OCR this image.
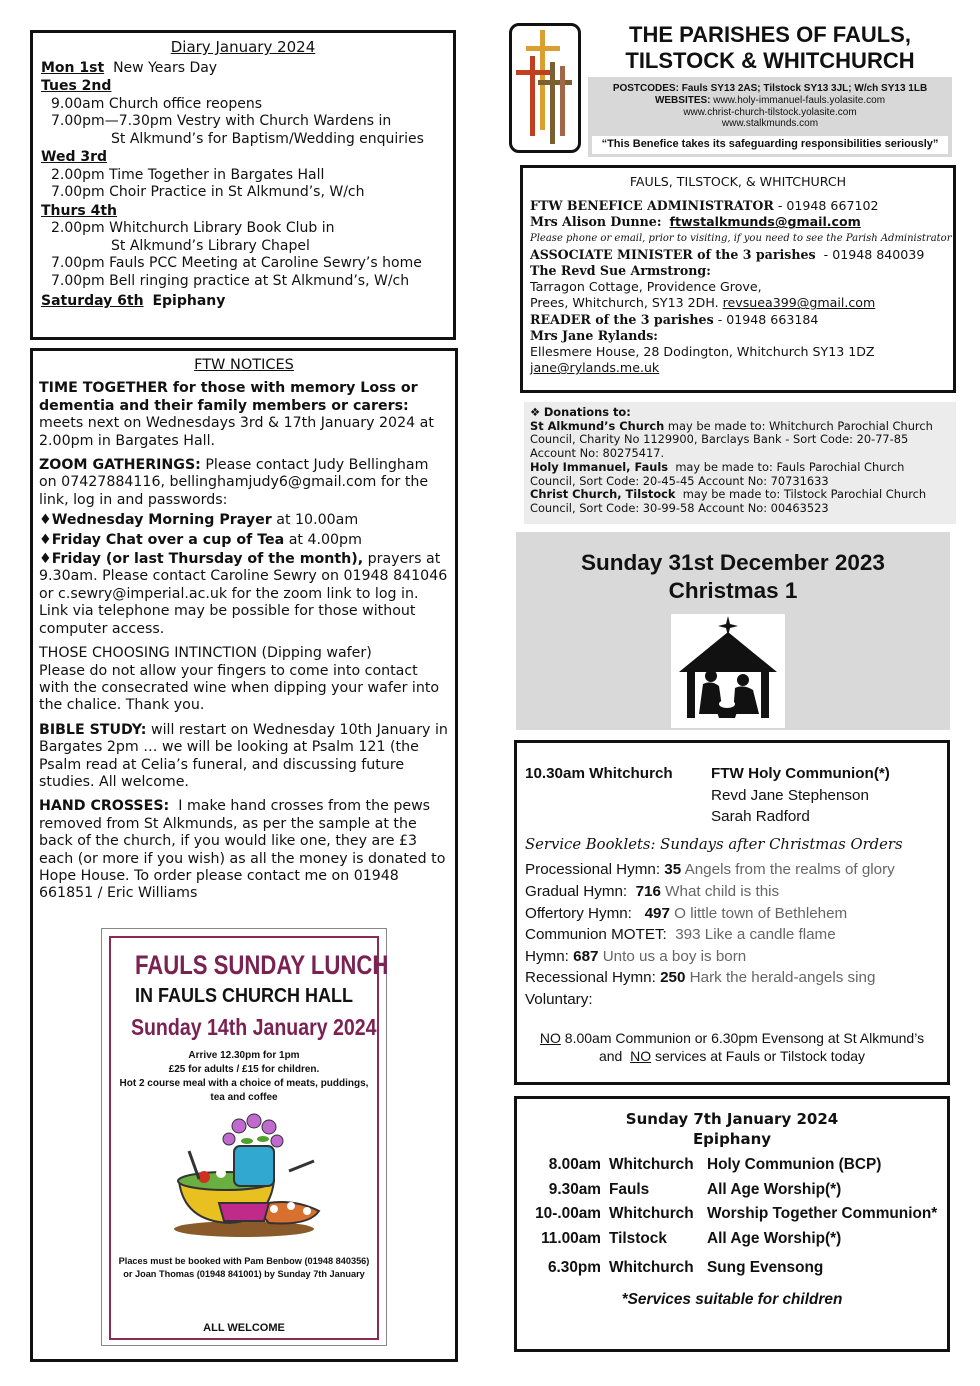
Diary January 2024
Mon 1st New Years Day
Tues 2nd
9.00am Church office reopens
7.00pm—7.30pm Vestry with Church Wardens in
St Alkmund’s for Baptism/Wedding enquiries
Wed 3rd
2.00pm Time Together in Bargates Hall
7.00pm Choir Practice in St Alkmund’s, W/ch
Thurs 4th
2.00pm Whitchurch Library Book Club in
St Alkmund’s Library Chapel
7.00pm Fauls PCC Meeting at Caroline Sewry’s home
7.00pm Bell ringing practice at St Alkmund’s, W/ch
Saturday 6th Epiphany
FTW NOTICES

TIME TOGETHER for those with memory Loss or dementia and their family members or carers:
meets next on Wednesdays 3rd & 17th January 2024 at 2.00pm in Bargates Hall.

ZOOM GATHERINGS: Please contact Judy Bellingham on 07427884116, bellinghamjudy6@gmail.com for the link, log in and passwords:

♦Wednesday Morning Prayer at 10.00am
♦Friday Chat over a cup of Tea at 4.00pm

♦Friday (or last Thursday of the month), prayers at 9.30am. Please contact Caroline Sewry on 01948 841046 or c.sewry@imperial.ac.uk for the zoom link to log in. Link via telephone may be possible for those without computer access.

THOSE CHOOSING INTINCTION (Dipping wafer)
Please do not allow your fingers to come into contact with the consecrated wine when dipping your wafer into the chalice. Thank you.

BIBLE STUDY: will restart on Wednesday 10th January in Bargates 2pm … we will be looking at Psalm 121 (the Psalm read at Celia’s funeral, and discussing future studies. All welcome.

HAND CROSSES: I make hand crosses from the pews removed from St Alkmunds, as per the sample at the back of the church, if you would like one, they are £3 each (or more if you wish) as all the money is donated to Hope House. To order please contact me on 01948 661851 / Eric Williams

FAULS SUNDAY LUNCH
IN FAULS CHURCH HALL
Sunday 14th January 2024
Arrive 12.30pm for 1pm
£25 for adults / £15 for children.
Hot 2 course meal with a choice of meats, puddings,
tea and coffee
Places must be booked with Pam Benbow (01948 840356)
or Joan Thomas (01948 841001) by Sunday 7th January
ALL WELCOME
THE PARISHES OF FAULS,
TILSTOCK & WHITCHURCH
POSTCODES: Fauls SY13 2AS; Tilstock SY13 3JL; W/ch SY13 1LB
WEBSITES: www.holy-immanuel-fauls.yolasite.com
www.christ-church-tilstock.yolasite.com
www.stalkmunds.com
“This Benefice takes its safeguarding responsibilities seriously”
FAULS, TILSTOCK, & WHITCHURCH
FTW BENEFICE ADMINISTRATOR - 01948 667102
Mrs Alison Dunne: ftwstalkmunds@gmail.com
Please phone or email, prior to visiting, if you need to see the Parish Administrator
ASSOCIATE MINISTER of the 3 parishes - 01948 840039
The Revd Sue Armstrong:
Tarragon Cottage, Providence Grove,
Prees, Whitchurch, SY13 2DH. revsuea399@gmail.com
READER of the 3 parishes - 01948 663184
Mrs Jane Rylands:
Ellesmere House, 28 Dodington, Whitchurch SY13 1DZ
jane@rylands.me.uk
❖ Donations to:
St Alkmund’s Church may be made to: Whitchurch Parochial Church Council, Charity No 1129900, Barclays Bank - Sort Code: 20-77-85 Account No: 80275417.
Holy Immanuel, Fauls may be made to: Fauls Parochial Church Council, Sort Code: 20-45-45 Account No: 70731633
Christ Church, Tilstock may be made to: Tilstock Parochial Church Council, Sort Code: 30-99-58 Account No: 00463523
Sunday 31st December 2023
Christmas 1
10.30am Whitchurch	FTW Holy Communion(*)
Revd Jane Stephenson
Sarah Radford
Service Booklets: Sundays after Christmas Orders
Processional Hymn: 35 Angels from the realms of glory
Gradual Hymn: 716 What child is this
Offertory Hymn: 497 O little town of Bethlehem
Communion MOTET: 393 Like a candle flame
Hymn: 687 Unto us a boy is born
Recessional Hymn: 250 Hark the herald-angels sing
Voluntary:
NO 8.00am Communion or 6.30pm Evensong at St Alkmund’s
and NO services at Fauls or Tilstock today
Sunday 7th January 2024
Epiphany
8.00am Whitchurch Holy Communion (BCP)
9.30am Fauls	All Age Worship(*)
10-.00am Whitchurch Worship Together Communion*
11.00am Tilstock	All Age Worship(*)
6.30pm Whitchurch Sung Evensong
*Services suitable for children
